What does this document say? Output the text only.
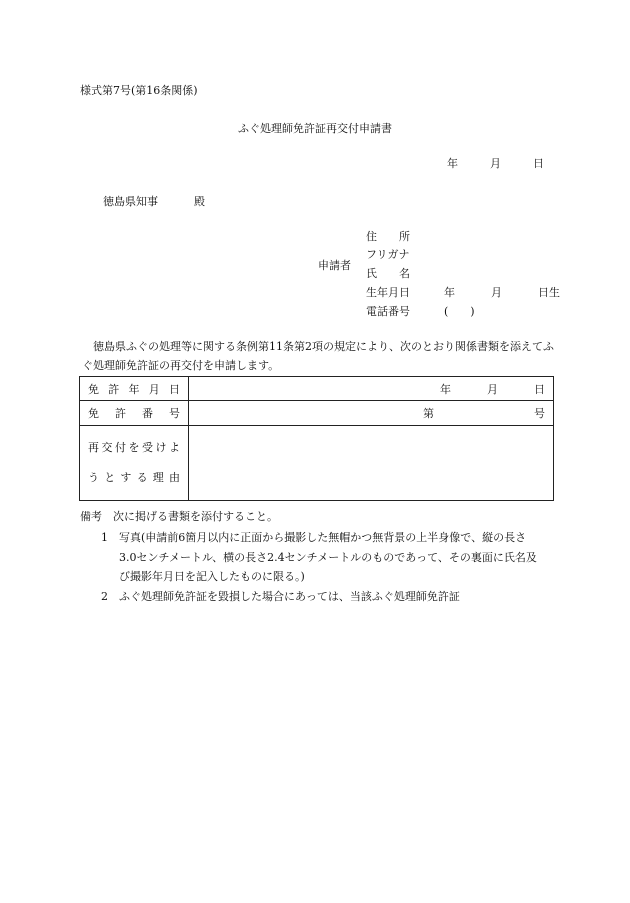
様式第7号(第16条関係)
ふぐ処理師免許証再交付申請書
年	月	日
徳島県知事	殿
申請者
住　　所
フリガナ
氏　　名
生年月日	年	月	日生
電話番号	(　　)
徳島県ふぐの処理等に関する条例第11条第2項の規定により、次のとおり関係書類を添えてふぐ処理師免許証の再交付を申請します。
免許年月日	年 月 日

免許番号	第 号

再交付を受けよ
うとする理由	

備考　次に掲げる書類を添付すること。
1 写真(申請前6箇月以内に正面から撮影した無帽かつ無背景の上半身像で、縦の長さ
3.0センチメートル、横の長さ2.4センチメートルのものであって、その裏面に氏名及
び撮影年月日を記入したものに限る。)
2 ふぐ処理師免許証を毀損した場合にあっては、当該ふぐ処理師免許証
